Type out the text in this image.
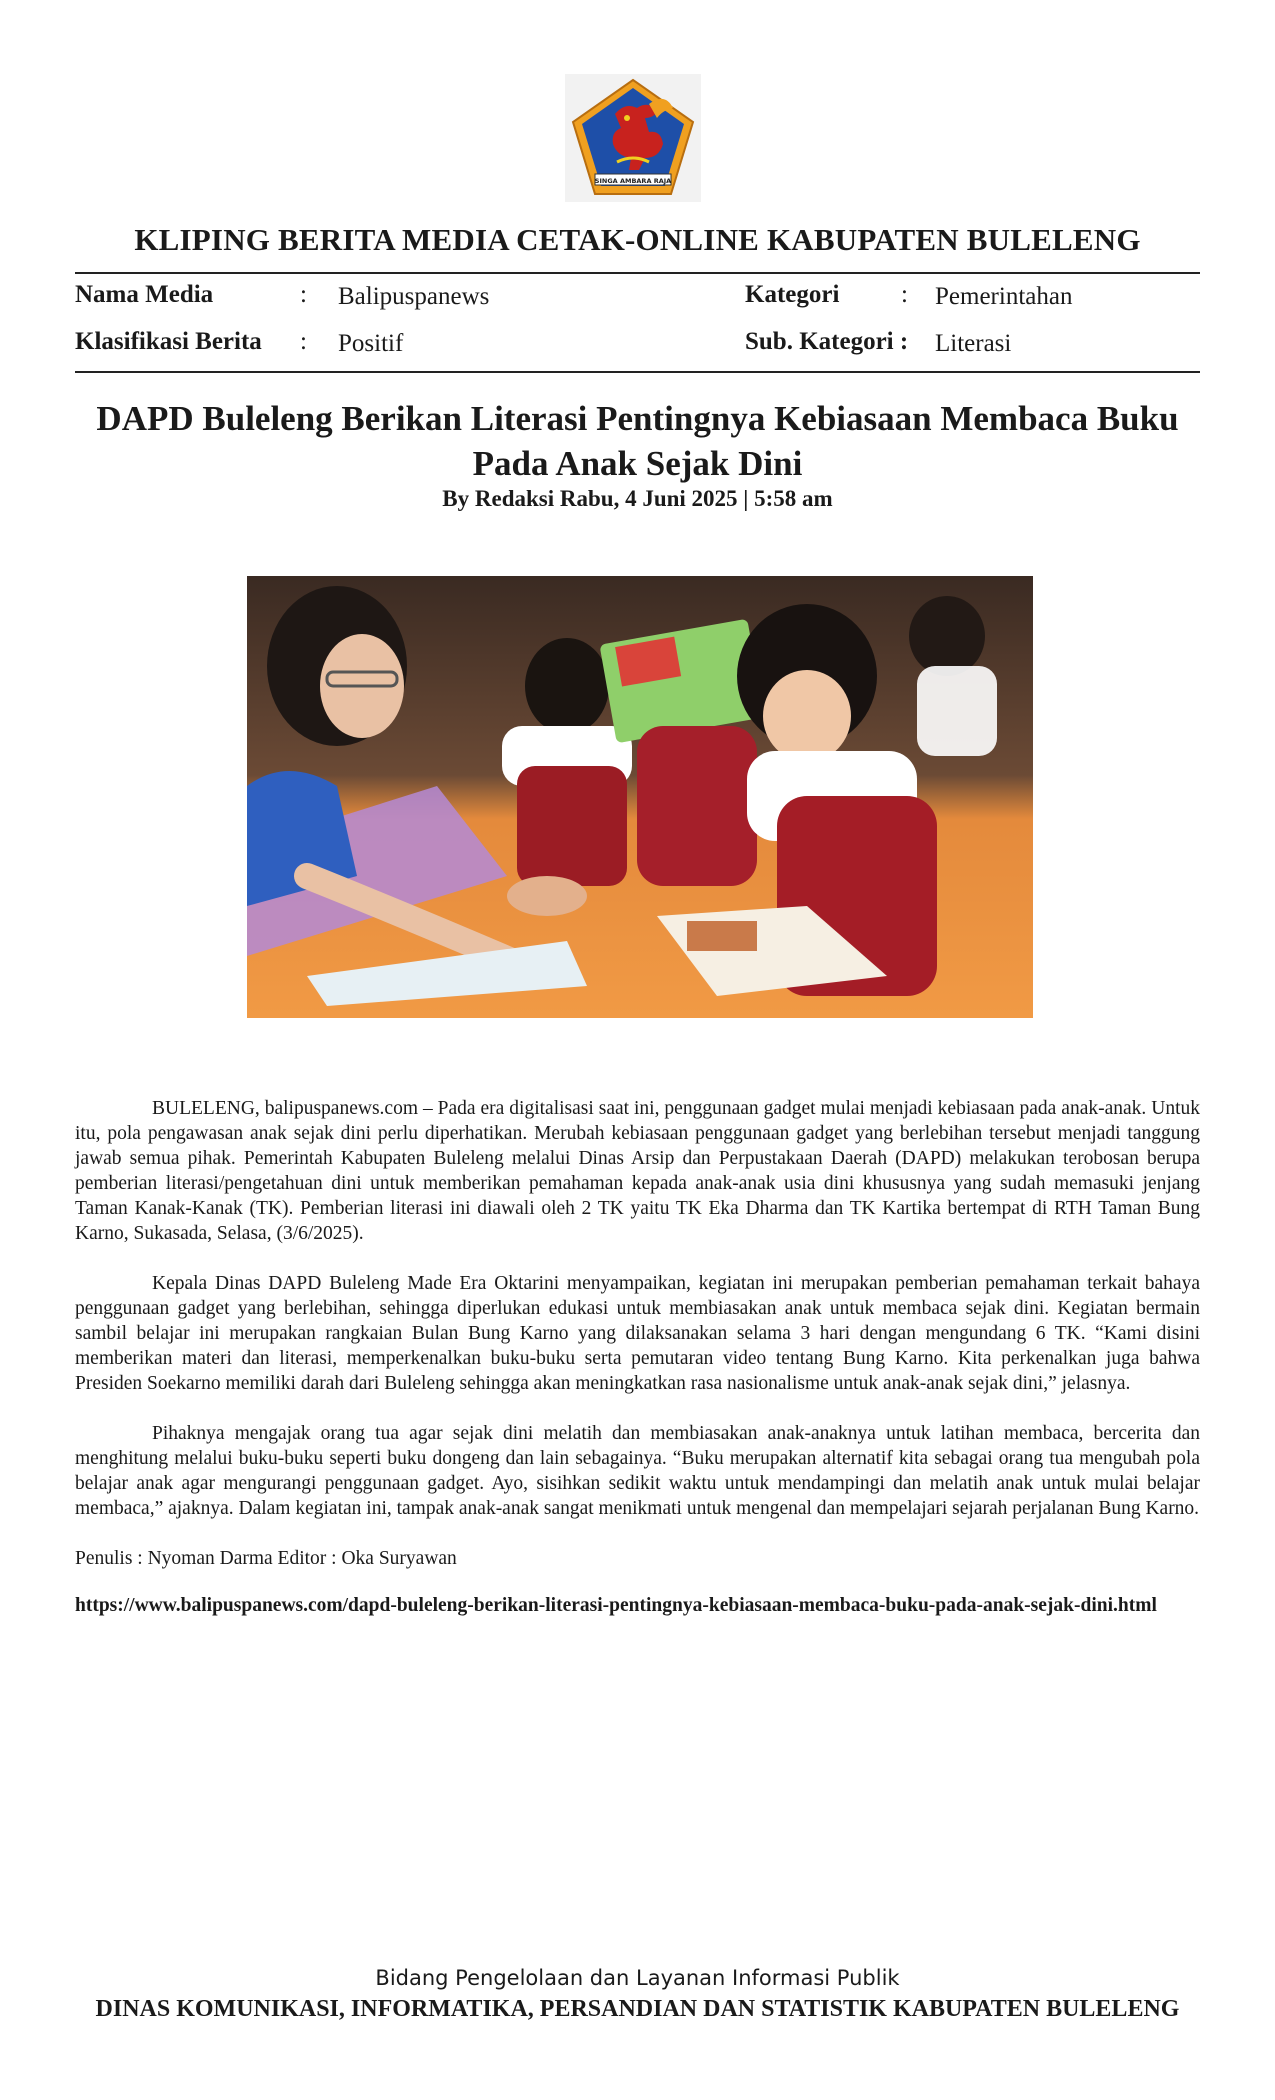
SINGA AMBARA RAJA
KLIPING BERITA MEDIA CETAK-ONLINE KABUPATEN BULELENG
Nama Media	: Balipuspanews	Kategori : Pemerintahan
Klasifikasi Berita : Positif	Sub. Kategori : Literasi
DAPD Buleleng Berikan Literasi Pentingnya Kebiasaan Membaca Buku Pada Anak Sejak Dini
By Redaksi Rabu, 4 Juni 2025 | 5:58 am

BULELENG, balipuspanews.com – Pada era digitalisasi saat ini, penggunaan gadget mulai menjadi kebiasaan pada anak-anak. Untuk itu, pola pengawasan anak sejak dini perlu diperhatikan. Merubah kebiasaan penggunaan gadget yang berlebihan tersebut menjadi tanggung jawab semua pihak. Pemerintah Kabupaten Buleleng melalui Dinas Arsip dan Perpustakaan Daerah (DAPD) melakukan terobosan berupa pemberian literasi/pengetahuan dini untuk memberikan pemahaman kepada anak-anak usia dini khususnya yang sudah memasuki jenjang Taman Kanak-Kanak (TK). Pemberian literasi ini diawali oleh 2 TK yaitu TK Eka Dharma dan TK Kartika bertempat di RTH Taman Bung Karno, Sukasada, Selasa, (3/6/2025).

Kepala Dinas DAPD Buleleng Made Era Oktarini menyampaikan, kegiatan ini merupakan pemberian pemahaman terkait bahaya penggunaan gadget yang berlebihan, sehingga diperlukan edukasi untuk membiasakan anak untuk membaca sejak dini. Kegiatan bermain sambil belajar ini merupakan rangkaian Bulan Bung Karno yang dilaksanakan selama 3 hari dengan mengundang 6 TK. “Kami disini memberikan materi dan literasi, memperkenalkan buku-buku serta pemutaran video tentang Bung Karno. Kita perkenalkan juga bahwa Presiden Soekarno memiliki darah dari Buleleng sehingga akan meningkatkan rasa nasionalisme untuk anak-anak sejak dini,” jelasnya.

Pihaknya mengajak orang tua agar sejak dini melatih dan membiasakan anak-anaknya untuk latihan membaca, bercerita dan menghitung melalui buku-buku seperti buku dongeng dan lain sebagainya. “Buku merupakan alternatif kita sebagai orang tua mengubah pola belajar anak agar mengurangi penggunaan gadget. Ayo, sisihkan sedikit waktu untuk mendampingi dan melatih anak untuk mulai belajar membaca,” ajaknya. Dalam kegiatan ini, tampak anak-anak sangat menikmati untuk mengenal dan mempelajari sejarah perjalanan Bung Karno.

Penulis : Nyoman Darma Editor : Oka Suryawan

https://www.balipuspanews.com/dapd-buleleng-berikan-literasi-pentingnya-kebiasaan-membaca-buku-pada-anak-sejak-dini.html

Bidang Pengelolaan dan Layanan Informasi Publik
DINAS KOMUNIKASI, INFORMATIKA, PERSANDIAN DAN STATISTIK KABUPATEN BULELENG
